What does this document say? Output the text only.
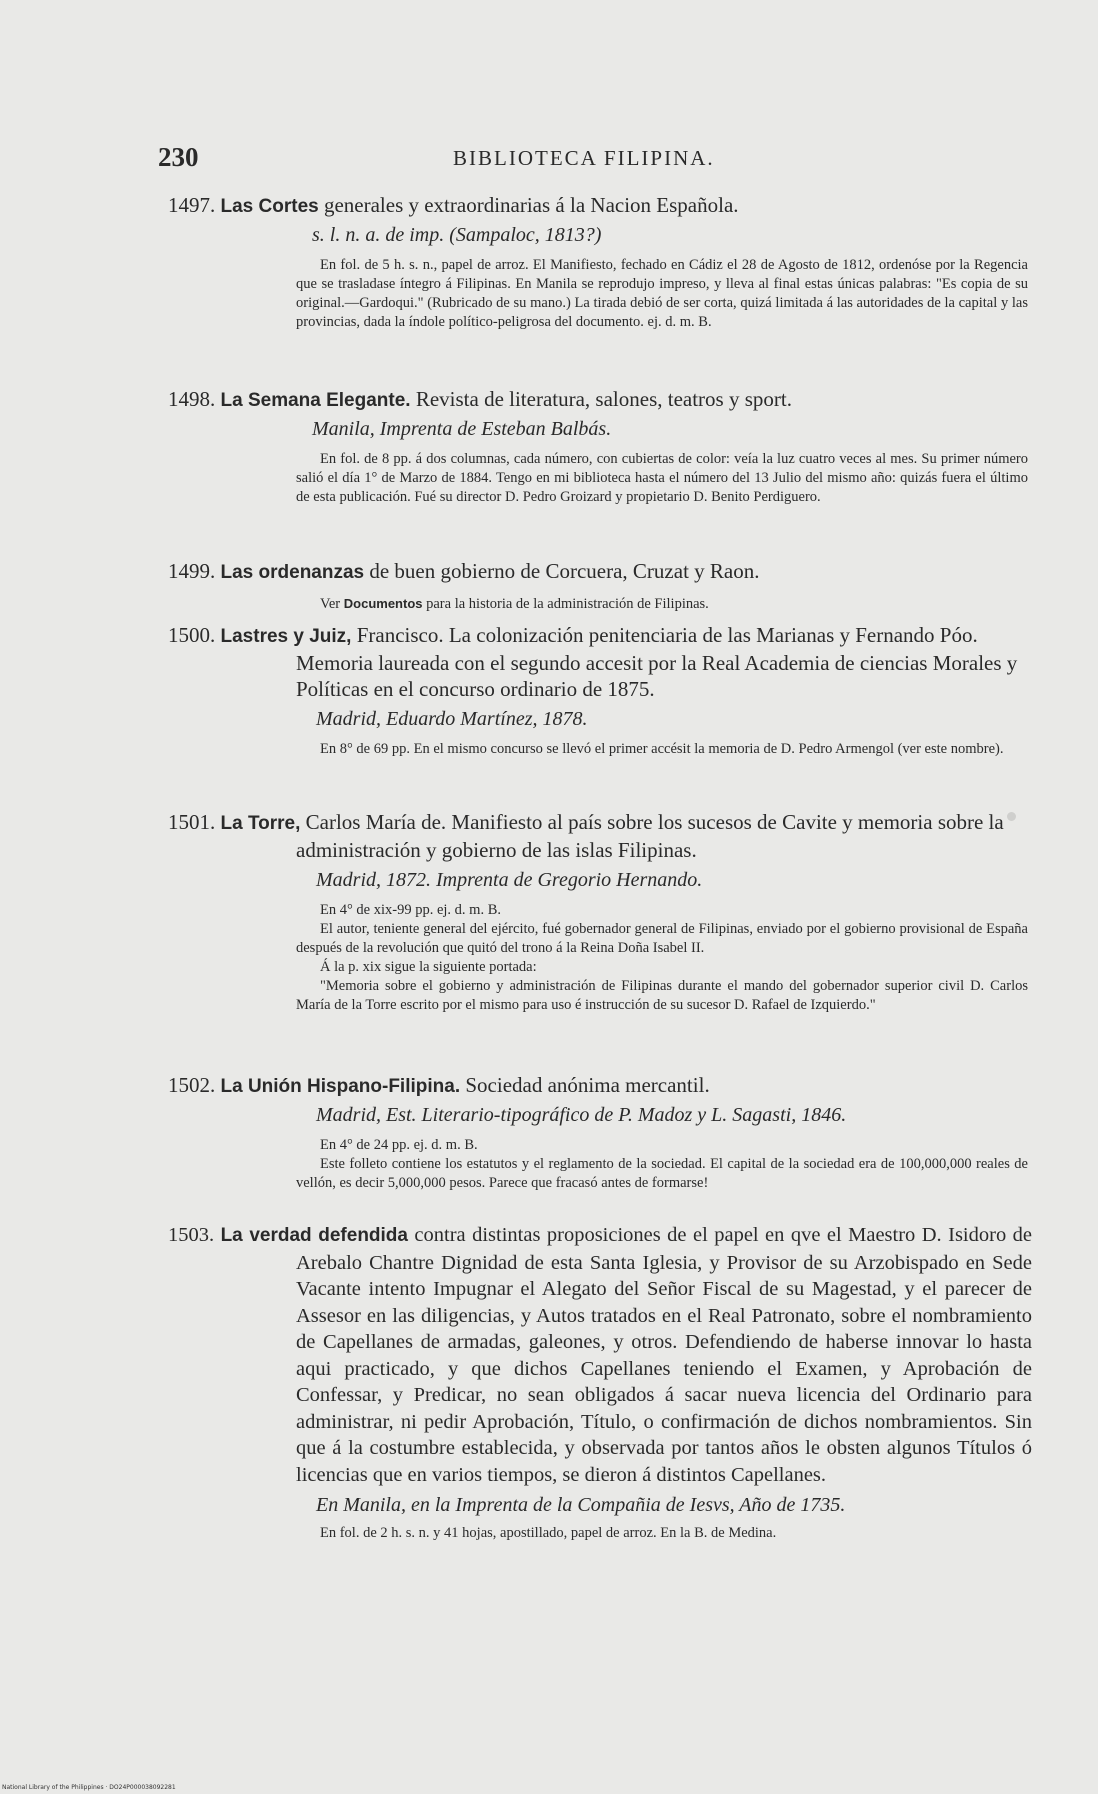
230	BIBLIOTECA FILIPINA.
1497. Las Cortes generales y extraordinarias á la Nacion Española.
s. l. n. a. de imp. (Sampaloc, 1813?)

En fol. de 5 h. s. n., papel de arroz. El Manifiesto, fechado en Cádiz el 28 de Agosto de 1812, ordenóse por la Regencia que se trasladase íntegro á Filipinas. En Manila se reprodujo impreso, y lleva al final estas únicas palabras: "Es copia de su original.—Gardoqui." (Rubricado de su mano.) La tirada debió de ser corta, quizá limitada á las autoridades de la capital y las provincias, dada la índole político-peligrosa del documento. ej. d. m. B.

1498. La Semana Elegante. Revista de literatura, salones, teatros y sport.
Manila, Imprenta de Esteban Balbás.

En fol. de 8 pp. á dos columnas, cada número, con cubiertas de color: veía la luz cuatro veces al mes. Su primer número salió el día 1° de Marzo de 1884. Tengo en mi biblioteca hasta el número del 13 Julio del mismo año: quizás fuera el último de esta publicación. Fué su director D. Pedro Groizard y propietario D. Benito Perdiguero.

1499. Las ordenanzas de buen gobierno de Corcuera, Cruzat y Raon.

Ver Documentos para la historia de la administración de Filipinas.

1500. Lastres y Juiz, Francisco. La colonización penitenciaria de las Marianas y Fernando Póo. Memoria laureada con el segundo accesit por la Real Academia de ciencias Morales y Políticas en el concurso ordinario de 1875.
Madrid, Eduardo Martínez, 1878.

En 8° de 69 pp. En el mismo concurso se llevó el primer accésit la memoria de D. Pedro Armengol (ver este nombre).

1501. La Torre, Carlos María de. Manifiesto al país sobre los sucesos de Cavite y memoria sobre la administración y gobierno de las islas Filipinas.
Madrid, 1872. Imprenta de Gregorio Hernando.

En 4° de xix-99 pp. ej. d. m. B.

El autor, teniente general del ejército, fué gobernador general de Filipinas, enviado por el gobierno provisional de España después de la revolución que quitó del trono á la Reina Doña Isabel II.

Á la p. xix sigue la siguiente portada:

"Memoria sobre el gobierno y administración de Filipinas durante el mando del gobernador superior civil D. Carlos María de la Torre escrito por el mismo para uso é instrucción de su sucesor D. Rafael de Izquierdo."

1502. La Unión Hispano-Filipina. Sociedad anónima mercantil.
Madrid, Est. Literario-tipográfico de P. Madoz y L. Sagasti, 1846.

En 4° de 24 pp. ej. d. m. B.

Este folleto contiene los estatutos y el reglamento de la sociedad. El capital de la sociedad era de 100,000,000 reales de vellón, es decir 5,000,000 pesos. Parece que fracasó antes de formarse!

1503. La verdad defendida contra distintas proposiciones de el papel en qve el Maestro D. Isidoro de Arebalo Chantre Dignidad de esta Santa Iglesia, y Provisor de su Arzobispado en Sede Vacante intento Impugnar el Alegato del Señor Fiscal de su Magestad, y el parecer de Assesor en las diligencias, y Autos tratados en el Real Patronato, sobre el nombramiento de Capellanes de armadas, galeones, y otros. Defendiendo de haberse innovar lo hasta aqui practicado, y que dichos Capellanes teniendo el Examen, y Aprobación de Confessar, y Predicar, no sean obligados á sacar nueva licencia del Ordinario para administrar, ni pedir Aprobación, Título, o confirmación de dichos nombramientos. Sin que á la costumbre establecida, y observada por tantos años le obsten algunos Títulos ó licencias que en varios tiempos, se dieron á distintos Capellanes.
En Manila, en la Imprenta de la Compañia de Iesvs, Año de 1735.

En fol. de 2 h. s. n. y 41 hojas, apostillado, papel de arroz. En la B. de Medina.

National Library of the Philippines · DO24P000038092281
